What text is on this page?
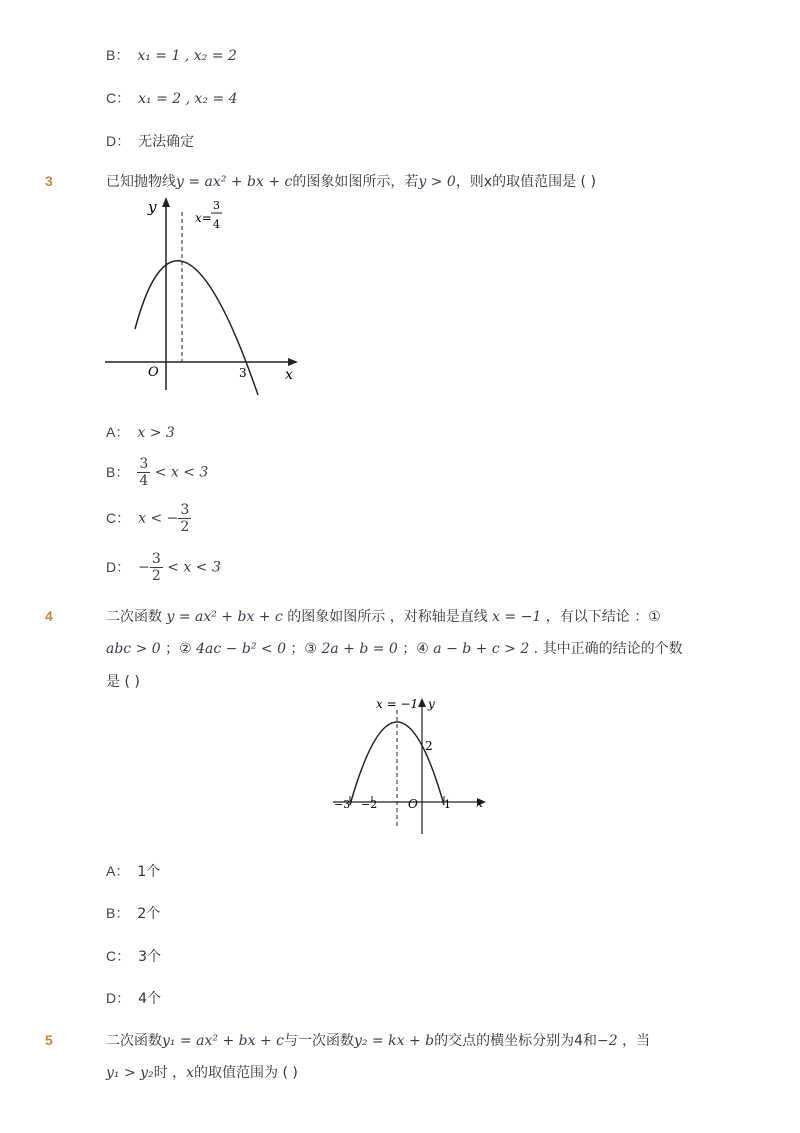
B： x₁ = 1 , x₂ = 2
C： x₁ = 2 , x₂ = 4
D： 无法确定
3	已知抛物线y = ax² + bx + c的图象如图所示，若y > 0，则x的取值范围是 ( )
y
x
O	3
x=
3
4
A： x > 3
B： $\frac{3}{4} < x < 3$
C： x < − $\frac{3}{2}$
D： − $\frac{3}{2} < x < 3$
4	二次函数 y = ax² + bx + c 的图象如图所示 ，对称轴是直线 x = −1 ，有以下结论 ：①
abc > 0 ；② 4ac − b² < 0 ；③ 2a + b = 0 ；④ a − b + c > 2 . 其中正确的结论的个数
是 ( )
x = −1 y
x
O
2
−3 −2	1
A： 1个
B： 2个
C： 3个
D： 4个
5	二次函数y₁ = ax² + bx + c与一次函数y₂ = kx + b的交点的横坐标分别为4和−2 ，当
y₁ > y₂时 ，x的取值范围为 ( )
